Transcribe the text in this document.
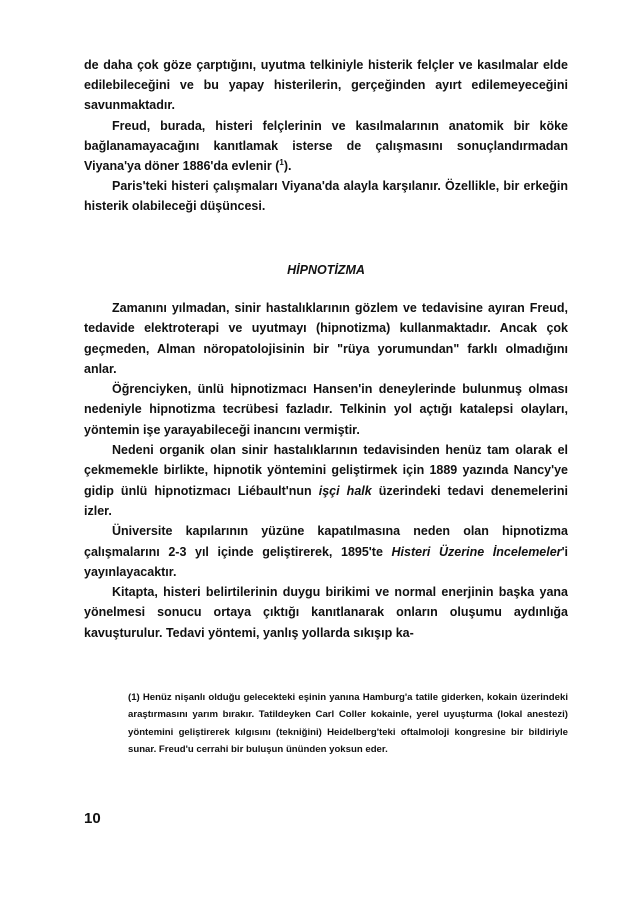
de daha çok göze çarptığını, uyutma telkiniyle histerik felçler ve kasılmalar elde edilebileceğini ve bu yapay histerilerin, gerçeğinden ayırt edilemeyeceğini savunmaktadır.

Freud, burada, histeri felçlerinin ve kasılmalarının anatomik bir köke bağlanamayacağını kanıtlamak isterse de çalışmasını sonuçlandırmadan Viyana'ya döner 1886'da evlenir ($^1$).

Paris'teki histeri çalışmaları Viyana'da alayla karşılanır. Özellikle, bir erkeğin histerik olabileceği düşüncesi.

HİPNOTİZMA

Zamanını yılmadan, sinir hastalıklarının gözlem ve tedavisine ayıran Freud, tedavide elektroterapi ve uyutmayı (hipnotizma) kullanmaktadır. Ancak çok geçmeden, Alman nöropatolojisinin bir "rüya yorumundan" farklı olmadığını anlar.

Öğrenciyken, ünlü hipnotizmacı Hansen'in deneylerinde bulunmuş olması nedeniyle hipnotizma tecrübesi fazladır. Telkinin yol açtığı katalepsi olayları, yöntemin işe yarayabileceği inancını vermiştir.

Nedeni organik olan sinir hastalıklarının tedavisinden henüz tam olarak el çekmemekle birlikte, hipnotik yöntemini geliştirmek için 1889 yazında Nancy'ye gidip ünlü hipnotizmacı Liébault'nun işçi halk üzerindeki tedavi denemelerini izler.

Üniversite kapılarının yüzüne kapatılmasına neden olan hipnotizma çalışmalarını 2-3 yıl içinde geliştirerek, 1895'te Histeri Üzerine İncelemeler'i yayınlayacaktır.

Kitapta, histeri belirtilerinin duygu birikimi ve normal enerjinin başka yana yönelmesi sonucu ortaya çıktığı kanıtlanarak onların oluşumu aydınlığa kavuşturulur. Tedavi yöntemi, yanlış yollarda sıkışıp ka-

(1) Henüz nişanlı olduğu gelecekteki eşinin yanına Hamburg'a tatile giderken, kokain üzerindeki araştırmasını yarım bırakır. Tatildeyken Carl Coller kokainle, yerel uyuşturma (lokal anestezi) yöntemini geliştirerek kılgısını (tekniğini) Heidelberg'teki oftalmoloji kongresine bir bildiriyle sunar. Freud'u cerrahi bir buluşun ününden yoksun eder.

10
